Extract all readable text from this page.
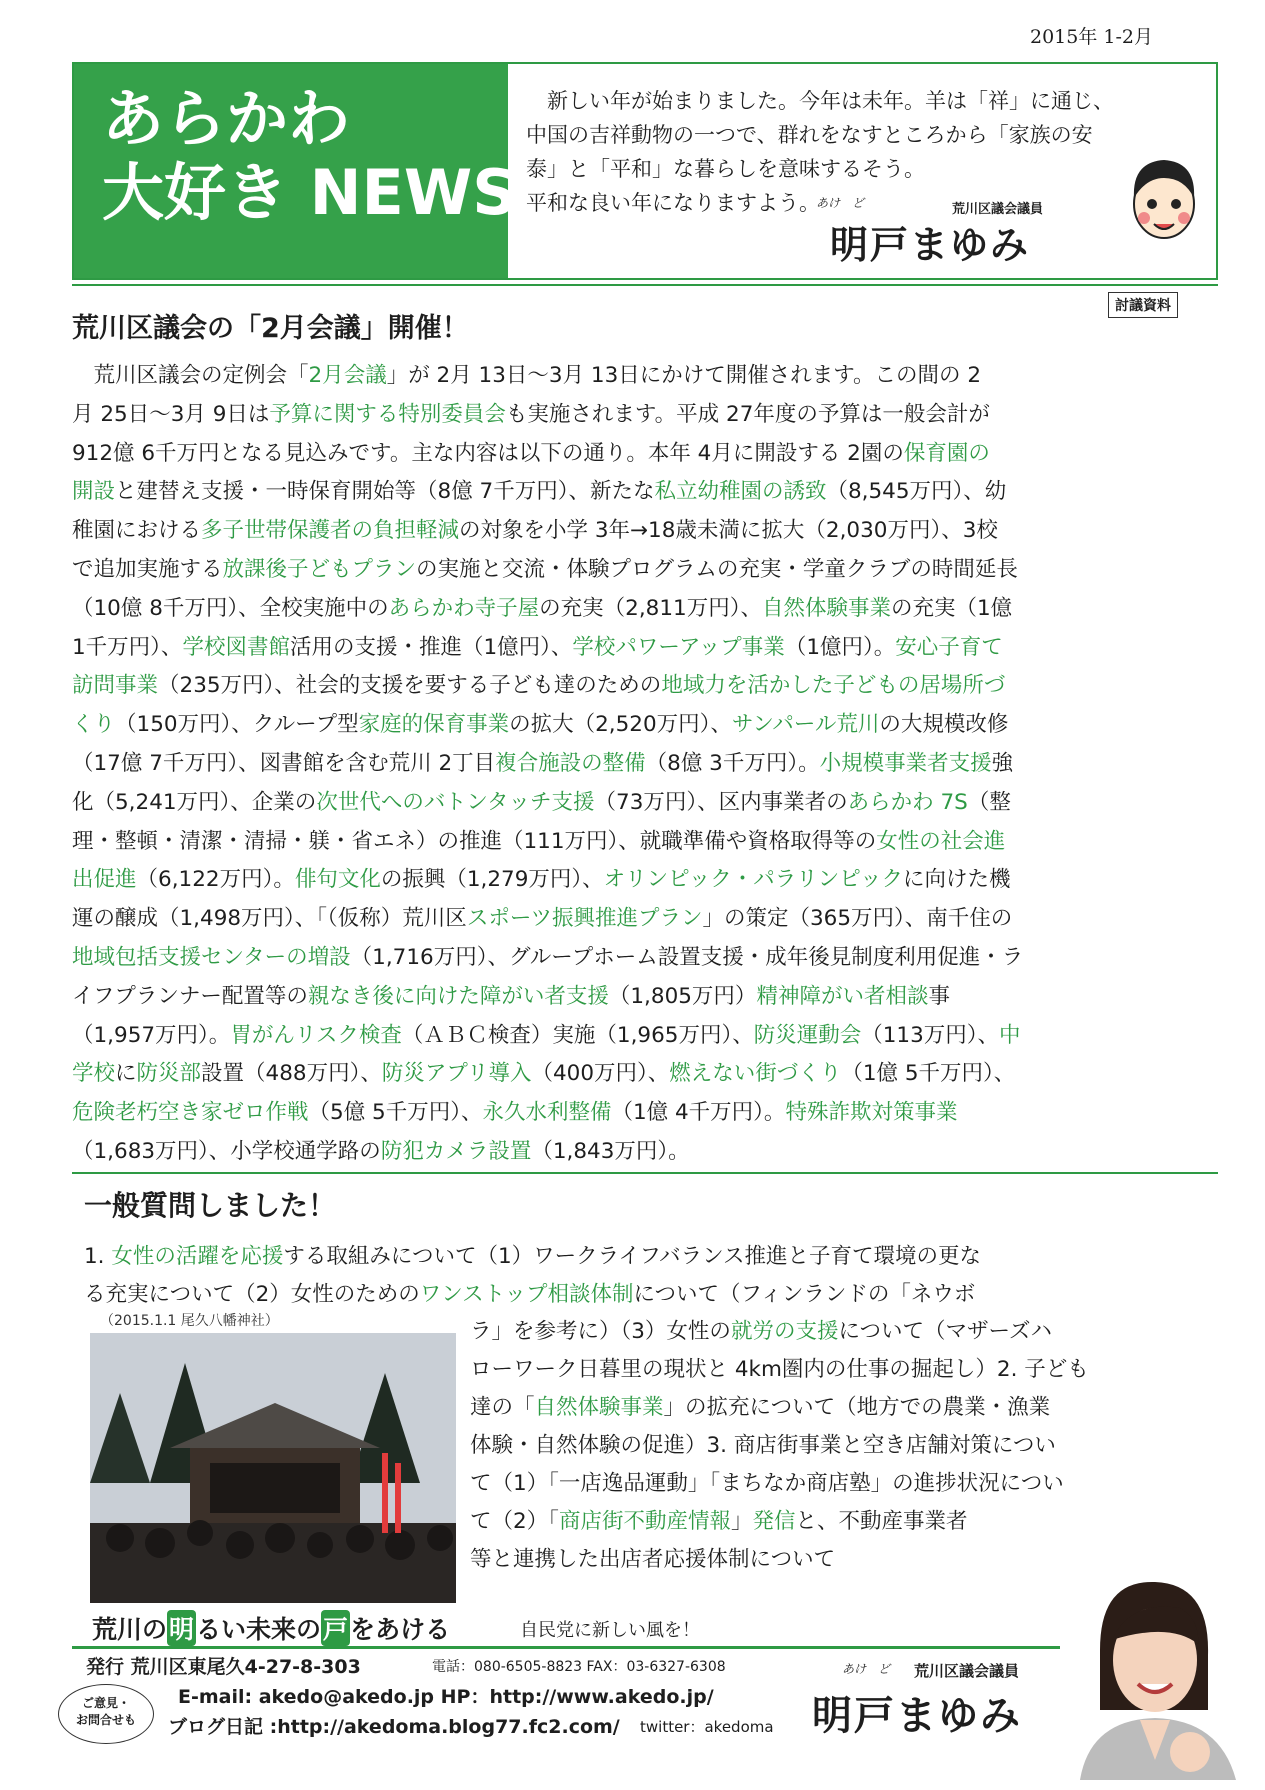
2015年 1-2月
あらかわ
大好き NEWS

　新しい年が始まりました。今年は未年。羊は「祥」に通じ、

中国の吉祥動物の一つで、群れをなすところから「家族の安

泰」と「平和」な暮らしを意味するそう。

平和な良い年になりますよう。

あけ　ど	荒川区議会議員
明戸まゆみ
討議資料
荒川区議会の「2月会議」開催！

　荒川区議会の定例会「2月会議」が 2月 13日～3月 13日にかけて開催されます。この間の 2

月 25日～3月 9日は予算に関する特別委員会も実施されます。平成 27年度の予算は一般会計が

912億 6千万円となる見込みです。主な内容は以下の通り。本年 4月に開設する 2園の保育園の

開設と建替え支援・一時保育開始等（8億 7千万円）、新たな私立幼稚園の誘致（8,545万円）、幼

稚園における多子世帯保護者の負担軽減の対象を小学 3年→18歳未満に拡大（2,030万円）、3校

で追加実施する放課後子どもプランの実施と交流・体験プログラムの充実・学童クラブの時間延長

（10億 8千万円）、全校実施中のあらかわ寺子屋の充実（2,811万円）、自然体験事業の充実（1億

1千万円）、学校図書館活用の支援・推進（1億円）、学校パワーアップ事業（1億円）。安心子育て

訪問事業（235万円）、社会的支援を要する子ども達のための地域力を活かした子どもの居場所づ

くり（150万円）、クループ型家庭的保育事業の拡大（2,520万円）、サンパール荒川の大規模改修

（17億 7千万円）、図書館を含む荒川 2丁目複合施設の整備（8億 3千万円）。小規模事業者支援強

化（5,241万円）、企業の次世代へのバトンタッチ支援（73万円）、区内事業者のあらかわ 7S（整

理・整頓・清潔・清掃・躾・省エネ）の推進（111万円）、就職準備や資格取得等の女性の社会進

出促進（6,122万円）。俳句文化の振興（1,279万円）、オリンピック・パラリンピックに向けた機

運の醸成（1,498万円）、「（仮称）荒川区スポーツ振興推進プラン」の策定（365万円）、南千住の

地域包括支援センターの増設（1,716万円）、グループホーム設置支援・成年後見制度利用促進・ラ

イフプランナー配置等の親なき後に向けた障がい者支援（1,805万円）精神障がい者相談事

（1,957万円）。胃がんリスク検査（ＡＢＣ検査）実施（1,965万円）、防災運動会（113万円）、中

学校に防災部設置（488万円）、防災アプリ導入（400万円）、燃えない街づくり（1億 5千万円）、

危険老朽空き家ゼロ作戦（5億 5千万円）、永久水利整備（1億 4千万円）。特殊詐欺対策事業

（1,683万円）、小学校通学路の防犯カメラ設置（1,843万円）。

一般質問しました！

1. 女性の活躍を応援する取組みについて（1）ワークライフバランス推進と子育て環境の更な

る充実について（2）女性のためのワンストップ相談体制について（フィンランドの「ネウボ

（2015.1.1 尾久八幡神社）	ラ」を参考に）（3）女性の就労の支援について（マザーズハ

ローワーク日暮里の現状と 4km圏内の仕事の掘起し）2. 子ども

達の「自然体験事業」の拡充について（地方での農業・漁業

体験・自然体験の促進）3. 商店街事業と空き店舗対策につい

て（1）「一店逸品運動」「まちなか商店塾」の進捗状況につい

て（2）「商店街不動産情報」発信と、不動産事業者

等と連携した出店者応援体制について

荒川の明るい未来の戸をあける	自民党に新しい風を！
発行 荒川区東尾久4-27-8-303	電話：080-6505-8823 FAX：03-6327-6308
E-mail: akedo@akedo.jp HP：http://www.akedo.jp/
ブログ日記 :http://akedoma.blog77.fc2.com/ twitter：akedoma
ご意見・
お問合せも
あけ　ど 荒川区議会議員
明戸まゆみ
